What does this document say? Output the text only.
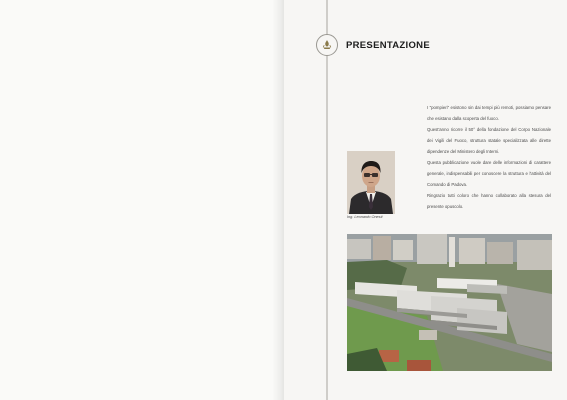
PRESENTAZIONE

I "pompieri" esistono sin dai tempi più remoti, possiamo pensare che esistano dalla scoperta del fuoco.
Quest'anno ricorre il 50° della fondazione del Corpo Nazionale dei Vigili del Fuoco, struttura statale specializzata alle dirette dipendenze del Ministero degli Interni.
Questa pubblicazione vuole dare delle informazioni di carattere generale, indispensabili per conoscere la struttura e l'attività del Comando di Padova.
Ringrazio tutti coloro che hanno collaborato alla stesura del presente opuscolo.

Ing. Leonardo Onesti
